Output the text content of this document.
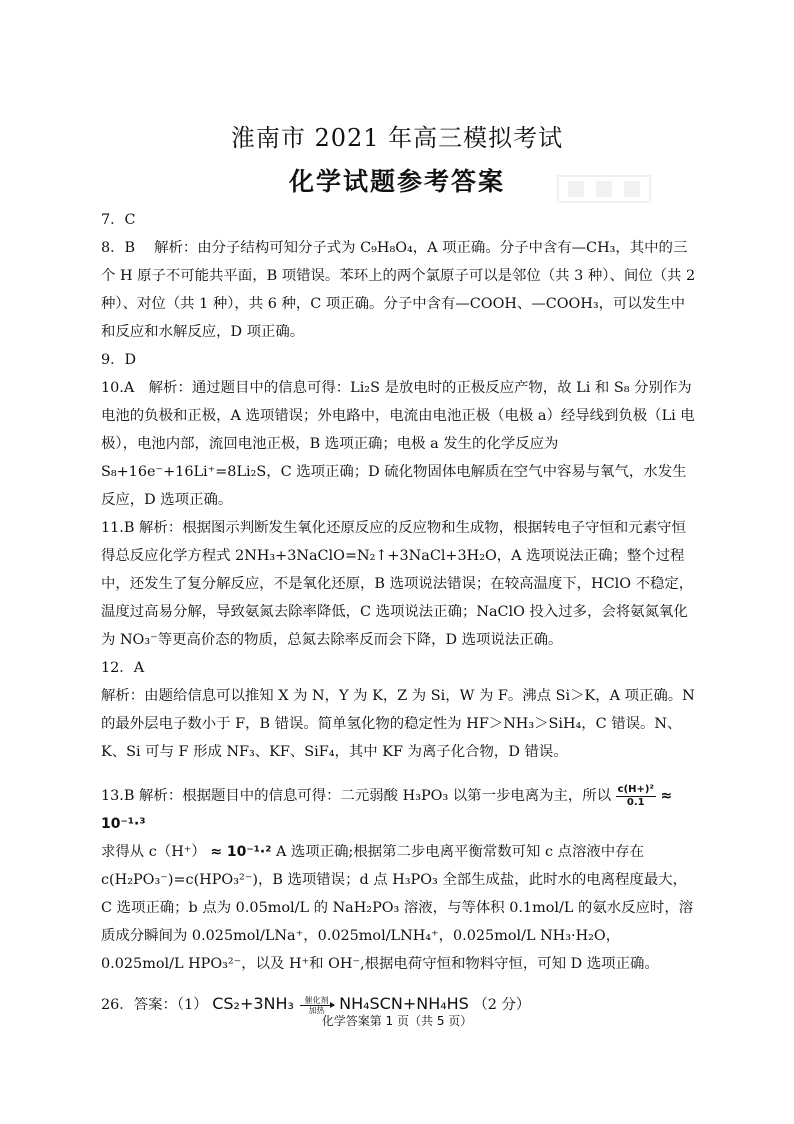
淮南市 2021 年高三模拟考试
化学试题参考答案

7．C

8．B　 解析：由分子结构可知分子式为 C₉H₈O₄，A 项正确。分子中含有—CH₃，其中的三个 H 原子不可能共平面，B 项错误。苯环上的两个氯原子可以是邻位（共 3 种）、间位（共 2 种）、对位（共 1 种），共 6 种，C 项正确。分子中含有—COOH、—COOH₃，可以发生中和反应和水解反应，D 项正确。

9．D

10.A　解析：通过题目中的信息可得：Li₂S 是放电时的正极反应产物，故 Li 和 S₈ 分别作为电池的负极和正极，A 选项错误；外电路中，电流由电池正极（电极 a）经导线到负极（Li 电极），电池内部，流回电池正极，B 选项正确；电极 a 发生的化学反应为 S₈+16e⁻+16Li⁺=8Li₂S，C 选项正确；D 硫化物固体电解质在空气中容易与氧气，水发生反应，D 选项正确。

11.B 解析：根据图示判断发生氧化还原反应的反应物和生成物，根据转电子守恒和元素守恒得总反应化学方程式 2NH₃+3NaClO=N₂↑+3NaCl+3H₂O，A 选项说法正确；整个过程中，还发生了复分解反应，不是氧化还原，B 选项说法错误；在较高温度下，HClO 不稳定，温度过高易分解，导致氨氮去除率降低，C 选项说法正确；NaClO 投入过多，会将氨氮氧化为 NO₃⁻等更高价态的物质，总氮去除率反而会下降，D 选项说法正确。

12．A

解析：由题给信息可以推知 X 为 N，Y 为 K，Z 为 Si，W 为 F。沸点 Si＞K，A 项正确。N 的最外层电子数小于 F，B 错误。简单氢化物的稳定性为 HF＞NH₃＞SiH₄，C 错误。N、K、Si 可与 F 形成 NF₃、KF、SiF₄，其中 KF 为离子化合物，D 错误。

13.B 解析：根据题目中的信息可得：二元弱酸 H₃PO₃ 以第一步电离为主，所以 $\frac{\text{c(H+)²}}{0.1} \approx 10^{-1}\cdot^3$
求得从 c（H⁺） ≈ 10⁻¹·² A 选项正确;根据第二步电离平衡常数可知 c 点溶液中存在 c(H₂PO₃⁻)=c(HPO₃²⁻)，B 选项错误；d 点 H₃PO₃ 全部生成盐，此时水的电离程度最大，C 选项正确；b 点为 0.05mol/L 的 NaH₂PO₃ 溶液，与等体积 0.1mol/L 的氨水反应时，溶质成分瞬间为 0.025mol/LNa⁺，0.025mol/LNH₄⁺，0.025mol/L NH₃·H₂O，0.025mol/L HPO₃²⁻，以及 H⁺和 OH⁻,根据电荷守恒和物料守恒，可知 D 选项正确。

26．答案：（1） CS₂+3NH₃	催化剂
加热 NH₄SCN+NH₄HS （2 分）

化学答案第 1 页（共 5 页）
